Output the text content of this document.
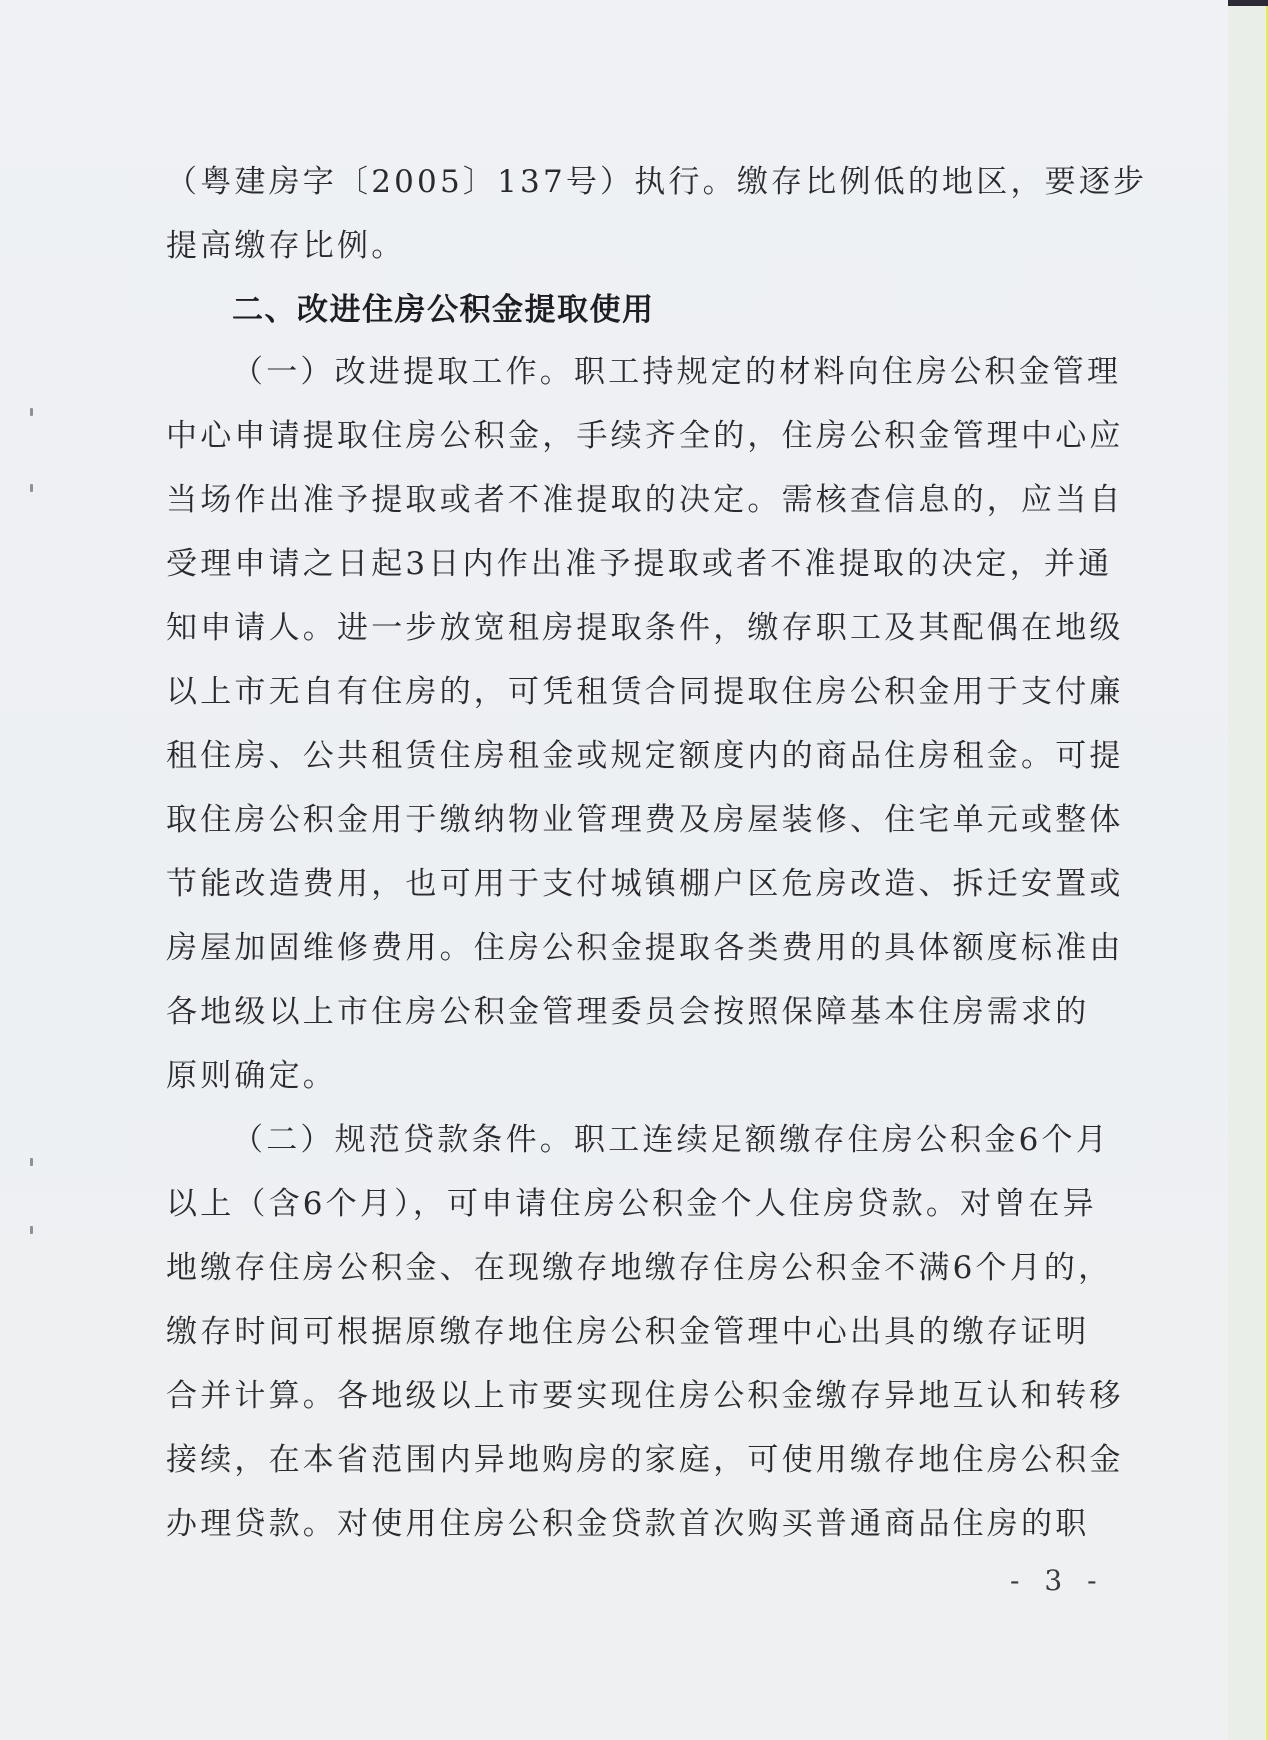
（粤建房字〔2005〕137号）执行。缴存比例低的地区，要逐步
提高缴存比例。
二、改进住房公积金提取使用
（一）改进提取工作。职工持规定的材料向住房公积金管理
中心申请提取住房公积金，手续齐全的，住房公积金管理中心应
当场作出准予提取或者不准提取的决定。需核查信息的，应当自
受理申请之日起3日内作出准予提取或者不准提取的决定，并通
知申请人。进一步放宽租房提取条件，缴存职工及其配偶在地级
以上市无自有住房的，可凭租赁合同提取住房公积金用于支付廉
租住房、公共租赁住房租金或规定额度内的商品住房租金。可提
取住房公积金用于缴纳物业管理费及房屋装修、住宅单元或整体
节能改造费用，也可用于支付城镇棚户区危房改造、拆迁安置或
房屋加固维修费用。住房公积金提取各类费用的具体额度标准由
各地级以上市住房公积金管理委员会按照保障基本住房需求的
原则确定。
（二）规范贷款条件。职工连续足额缴存住房公积金6个月
以上（含6个月），可申请住房公积金个人住房贷款。对曾在异
地缴存住房公积金、在现缴存地缴存住房公积金不满6个月的，
缴存时间可根据原缴存地住房公积金管理中心出具的缴存证明
合并计算。各地级以上市要实现住房公积金缴存异地互认和转移
接续，在本省范围内异地购房的家庭，可使用缴存地住房公积金
办理贷款。对使用住房公积金贷款首次购买普通商品住房的职
- 3 -
